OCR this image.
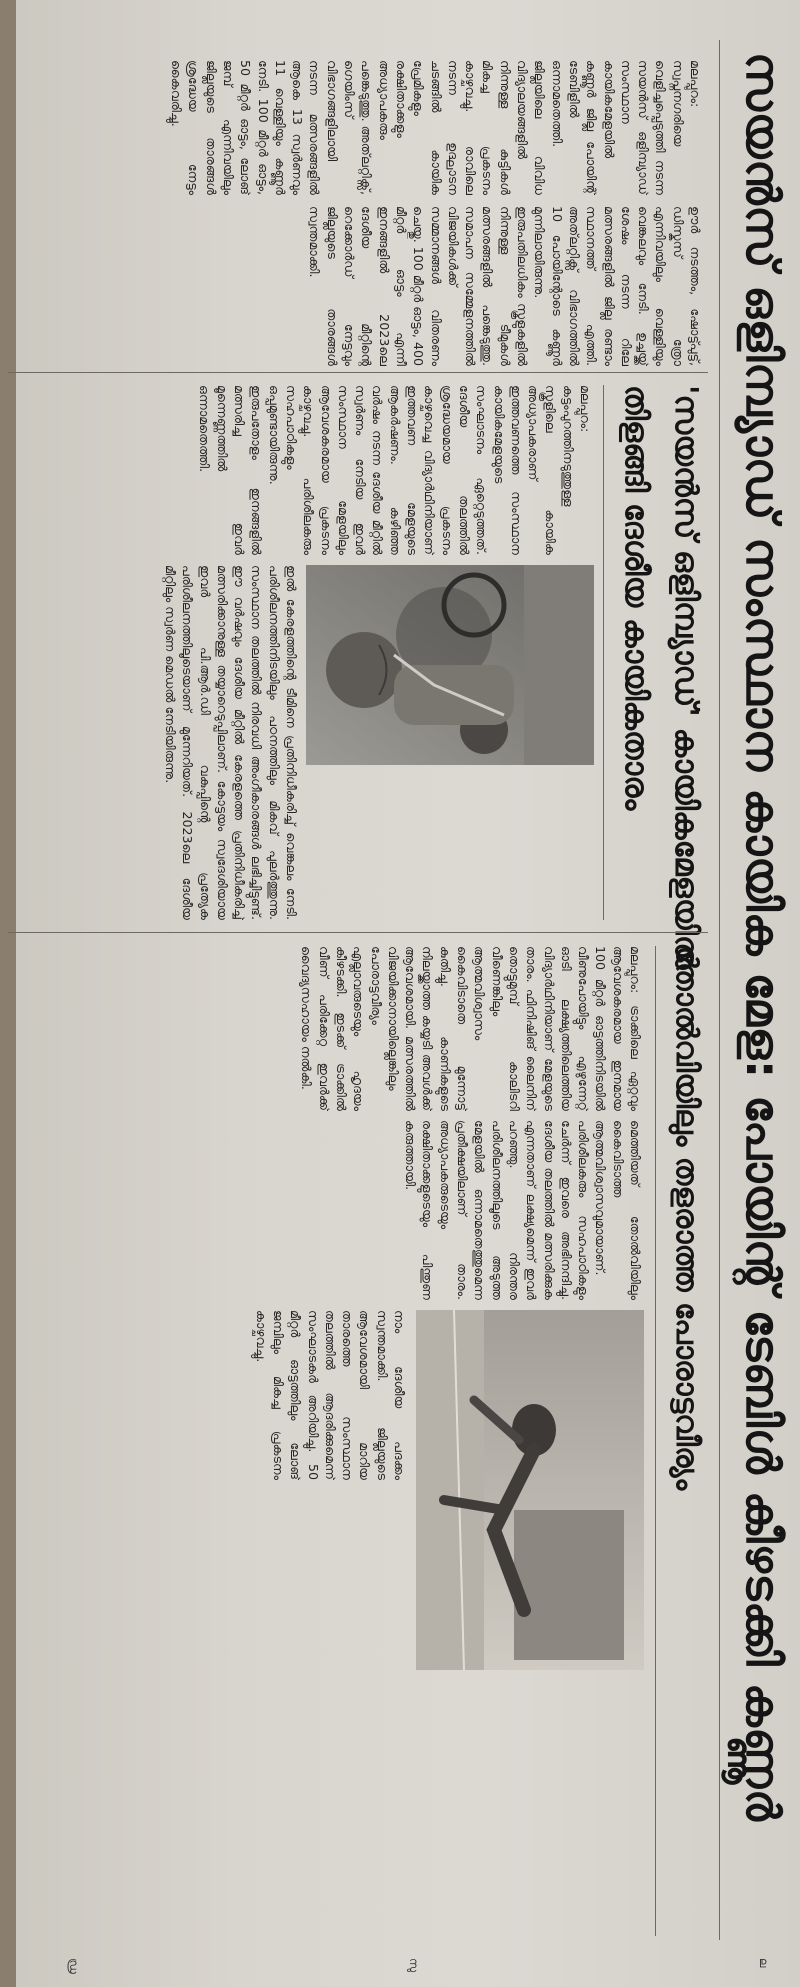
സയൻസ് ഒളിമ്പ്യാഡ് സംസ്ഥാന കായിക മേള: പോയിന്റ് ടേബിൾ കീഴടക്കി കണ്ണൂർ
മലപ്പുറം: സ്വപ്നനഗരിയെ വെളിച്ചപ്പെടുത്തി നടന്ന സയൻസ് ഒളിമ്പ്യാഡ് സംസ്ഥാന കായികമേളയിൽ കണ്ണൂർ ജില്ല പോയിന്റ് ടേബിളിൽ ഒന്നാമതെത്തി. ജില്ലയിലെ വിവിധ വിദ്യാലയങ്ങളിൽ നിന്നുള്ള കുട്ടികൾ മികച്ച പ്രകടനം കാഴ്ചവച്ചു. രാവിലെ നടന്ന ഉദ്ഘാടന ചടങ്ങിൽ കായിക പ്രേമികളും രക്ഷിതാക്കളും അധ്യാപകരും പങ്കെടുത്തു. അത്‌ലറ്റിക്സ്, ഗെയിംസ് വിഭാഗങ്ങളിലായി നടന്ന മത്സരങ്ങളിൽ ആകെ 13 സ്വർണവും 11 വെള്ളിയും കണ്ണൂർ നേടി. 100 മീറ്റർ ഓട്ടം, 50 മീറ്റർ ഓട്ടം, ലോങ് ജമ്പ് എന്നിവയിലും ജില്ലയുടെ താരങ്ങൾ ശ്രദ്ധേയ നേട്ടം കൈവരിച്ചു.
ഊർ നടത്തം, ഷോട്ട്പുട്ട്, ഡിസ്കസ് ത്രോ എന്നിവയിലും വെള്ളിയും വെങ്കലവും നേടി. ഉച്ചയ്ക്ക് ശേഷം നടന്ന റിലേ മത്സരങ്ങളിൽ ജില്ല രണ്ടാം സ്ഥാനത്ത് എത്തി. അത്‌ലറ്റിക്സ് വിഭാഗത്തിൽ 10 പോയിന്റോടെ കണ്ണൂർ മുന്നിലായിരുന്നു. ഇരുപതിലധികം സ്കൂളുകളിൽ നിന്നുള്ള ടീമുകൾ മത്സരങ്ങളിൽ പങ്കെടുത്തു. സമാപന സമ്മേളനത്തിൽ വിജയികൾക്ക് സമ്മാനങ്ങൾ വിതരണം ചെയ്തു. 100 മീറ്റർ ഓട്ടം, 400 മീറ്റർ ഓട്ടം എന്നീ ഇനങ്ങളിൽ 2023ലെ ദേശീയ മീറ്റിന്റെ റെക്കോർഡ് നേട്ടവും ജില്ലയുടെ താരങ്ങൾ സ്വന്തമാക്കി.
'സയൻസ് ഒളിമ്പ്യാഡ്' കായികമേളയിൽ
തിളങ്ങി ദേശീയ കായികതാരം
മലപ്പുറം: കട്ടംപുറത്തിനടുത്തുള്ള സ്കൂളിലെ കായിക അധ്യാപകരാണ് ഇത്തവണത്തെ സംസ്ഥാന കായികമേളയുടെ സംഘാടനം ഏറ്റെടുത്തത്. ദേശീയ തലത്തിൽ ശ്രദ്ധേയമായ പ്രകടനം കാഴ്ചവെച്ച വിദ്യാർഥിനിയാണ് ഇത്തവണ മേളയുടെ ആകർഷണം. കഴിഞ്ഞ വർഷം നടന്ന ദേശീയ മീറ്റിൽ സ്വർണം നേടിയ ഇവർ സംസ്ഥാന മേളയിലും ആവേശകരമായ പ്രകടനം കാഴ്ചവച്ചു. പരിശീലകരും സഹപാഠികളും ഒപ്പമുണ്ടായിരുന്നു. ഇരുപതോളം ഇനങ്ങളിൽ മത്സരിച്ച ഇവർ മൂന്നെണ്ണത്തിൽ ഒന്നാമതെത്തി.
ഇൽ കേരളത്തിന്റെ ടീമിനെ പ്രതിനിധീകരിച്ച് വെങ്കലം നേടി. പരിശീലനത്തിനിടയിലും പഠനത്തിലും മികവ് പുലർത്തുന്നു. സംസ്ഥാന തലത്തിൽ നിരവധി അംഗീകാരങ്ങൾ ലഭിച്ചിട്ടുണ്ട്. ഈ വർഷവും ദേശീയ മീറ്റിൽ കേരളത്തെ പ്രതിനിധീകരിച്ച് മത്സരിക്കാനുള്ള തയ്യാറെടുപ്പിലാണ്. കോട്ടയം സ്വദേശിയായ ഇവർ പി.ആർ.ഡി വകുപ്പിന്റെ പ്രത്യേക പരിശീലനത്തിലൂടെയാണ് മുന്നേറിയത്. 2023ലെ ദേശീയ മീറ്റിലും സ്വർണ മെഡൽ നേടിയിരുന്നു.
തോൽവിയിലും തളരാത്ത പോരാട്ടവീര്യം
മലപ്പുറം: ട്രാക്കിലെ ഏറ്റവും ആവേശകരമായ ഇനമായ 100 മീറ്റർ ഓട്ടത്തിനിടയിൽ വീണുപോയിട്ടും എഴുന്നേറ്റ് ഓടി ലക്ഷ്യത്തിലെത്തിയ വിദ്യാർഥിനിയാണ് മേളയുടെ താരം. ഫിനിഷിങ് ലൈനിന് തൊട്ടുമുമ്പ് കാലിടറി വീണെങ്കിലും ആത്മവിശ്വാസം കൈവിടാതെ മുന്നോട്ട് കുതിച്ചു. കാണികളുടെ നിലയ്ക്കാത്ത കയ്യടി അവൾക്ക് ആവേശമായി. മത്സരത്തിൽ വിജയിക്കാനായില്ലെങ്കിലും പോരാട്ടവീര്യം എല്ലാവരുടെയും ഹൃദയം കീഴടക്കി. ഇടക്ക് ട്രാക്കിൽ വീണ് പരിക്കേറ്റ ഇവർക്ക് വൈദ്യസഹായം നൽകി.
മെത്തിയത് തോൽവിയിലും കൈവിടാത്ത ആത്മവിശ്വാസവുമായാണ്. പരിശീലകരും സഹപാഠികളും ചേർന്ന് ഇവരെ അഭിനന്ദിച്ചു. ദേശീയ തലത്തിൽ മത്സരിക്കുക എന്നതാണ് ലക്ഷ്യമെന്ന് ഇവർ പറഞ്ഞു. നിരന്തര പരിശീലനത്തിലൂടെ അടുത്ത മേളയിൽ ഒന്നാമതെത്തുമെന്ന പ്രതീക്ഷയിലാണ് താരം. അധ്യാപകരുടെയും രക്ഷിതാക്കളുടെയും പിന്തുണ കരുത്തായി.
നാം ദേശീയ പദക്കം സ്വന്തമാക്കി. ജില്ലയുടെ ആവേശമായി മാറിയ താരത്തെ സംസ്ഥാന തലത്തിൽ ആദരിക്കുമെന്ന് സംഘാടകർ അറിയിച്ചു. 50 മീറ്റർ ഓട്ടത്തിലും ലോങ് ജമ്പിലും മികച്ച പ്രകടനം കാഴ്ചവച്ചു.
ല
സു
ഡ്ര
